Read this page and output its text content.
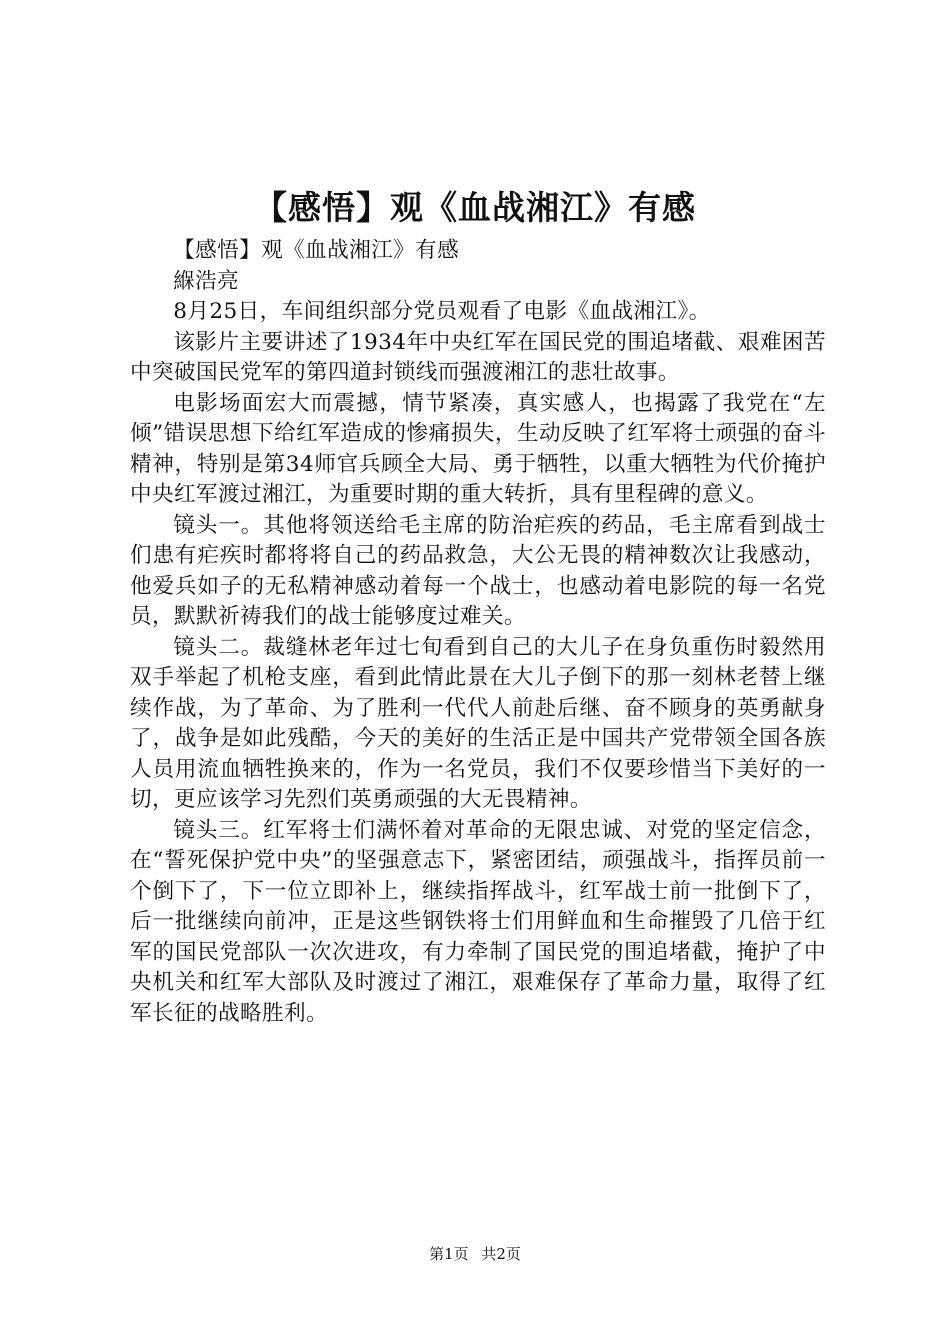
【感悟】观《血战湘江》有感

【感悟】观《血战湘江》有感

緥浩亮

8月25日，车间组织部分党员观看了电影《血战湘江》。

该影片主要讲述了1934年中央红军在国民党的围追堵截、艰难困苦中突破国民党军的第四道封锁线而强渡湘江的悲壮故事。

电影场面宏大而震撼，情节紧凑，真实感人，也揭露了我党在“左倾”错误思想下给红军造成的惨痛损失，生动反映了红军将士顽强的奋斗精神，特别是第34师官兵顾全大局、勇于牺牲，以重大牺牲为代价掩护中央红军渡过湘江，为重要时期的重大转折，具有里程碑的意义。

镜头一。其他将领送给毛主席的防治疟疾的药品，毛主席看到战士们患有疟疾时都将将自己的药品救急，大公无畏的精神数次让我感动，他爱兵如子的无私精神感动着每一个战士，也感动着电影院的每一名党员，默默祈祷我们的战士能够度过难关。

镜头二。裁缝林老年过七旬看到自己的大儿子在身负重伤时毅然用双手举起了机枪支座，看到此情此景在大儿子倒下的那一刻林老替上继续作战，为了革命、为了胜利一代代人前赴后继、奋不顾身的英勇献身了，战争是如此残酷，今天的美好的生活正是中国共产党带领全国各族人员用流血牺牲换来的，作为一名党员，我们不仅要珍惜当下美好的一切，更应该学习先烈们英勇顽强的大无畏精神。

镜头三。红军将士们满怀着对革命的无限忠诚、对党的坚定信念，在“誓死保护党中央”的坚强意志下，紧密团结，顽强战斗，指挥员前一个倒下了，下一位立即补上，继续指挥战斗，红军战士前一批倒下了，后一批继续向前冲，正是这些钢铁将士们用鲜血和生命摧毁了几倍于红军的国民党部队一次次进攻，有力牵制了国民党的围追堵截，掩护了中央机关和红军大部队及时渡过了湘江，艰难保存了革命力量，取得了红军长征的战略胜利。

第1页 共2页
